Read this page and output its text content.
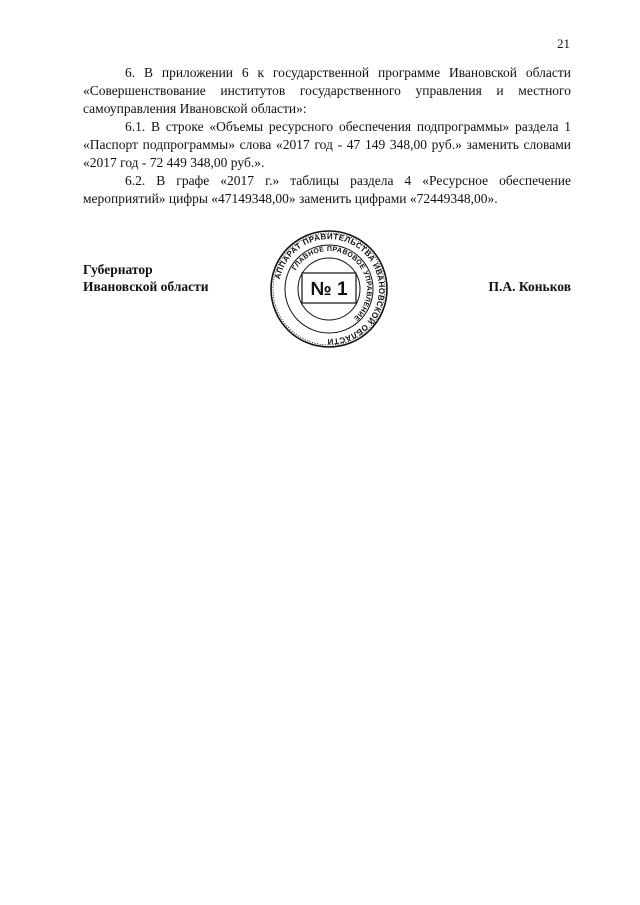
21

6. В приложении 6 к государственной программе Ивановской области «Совершенствование институтов государственного управления и местного самоуправления Ивановской области»:

6.1. В строке «Объемы ресурсного обеспечения подпрограммы» раздела 1 «Паспорт подпрограммы» слова «2017 год - 47 149 348,00 руб.» заменить словами «2017 год - 72 449 348,00 руб.».

6.2. В графе «2017 г.» таблицы раздела 4 «Ресурсное обеспечение мероприятий» цифры «47149348,00» заменить цифрами «72449348,00».

Губернатор
Ивановской области	П.А. Коньков
АППАРАТ ПРАВИТЕЛЬСТВА ИВАНОВСКОЙ ОБЛАСТИ
ГЛАВНОЕ ПРАВОВОЕ УПРАВЛЕНИЕ
№ 1
